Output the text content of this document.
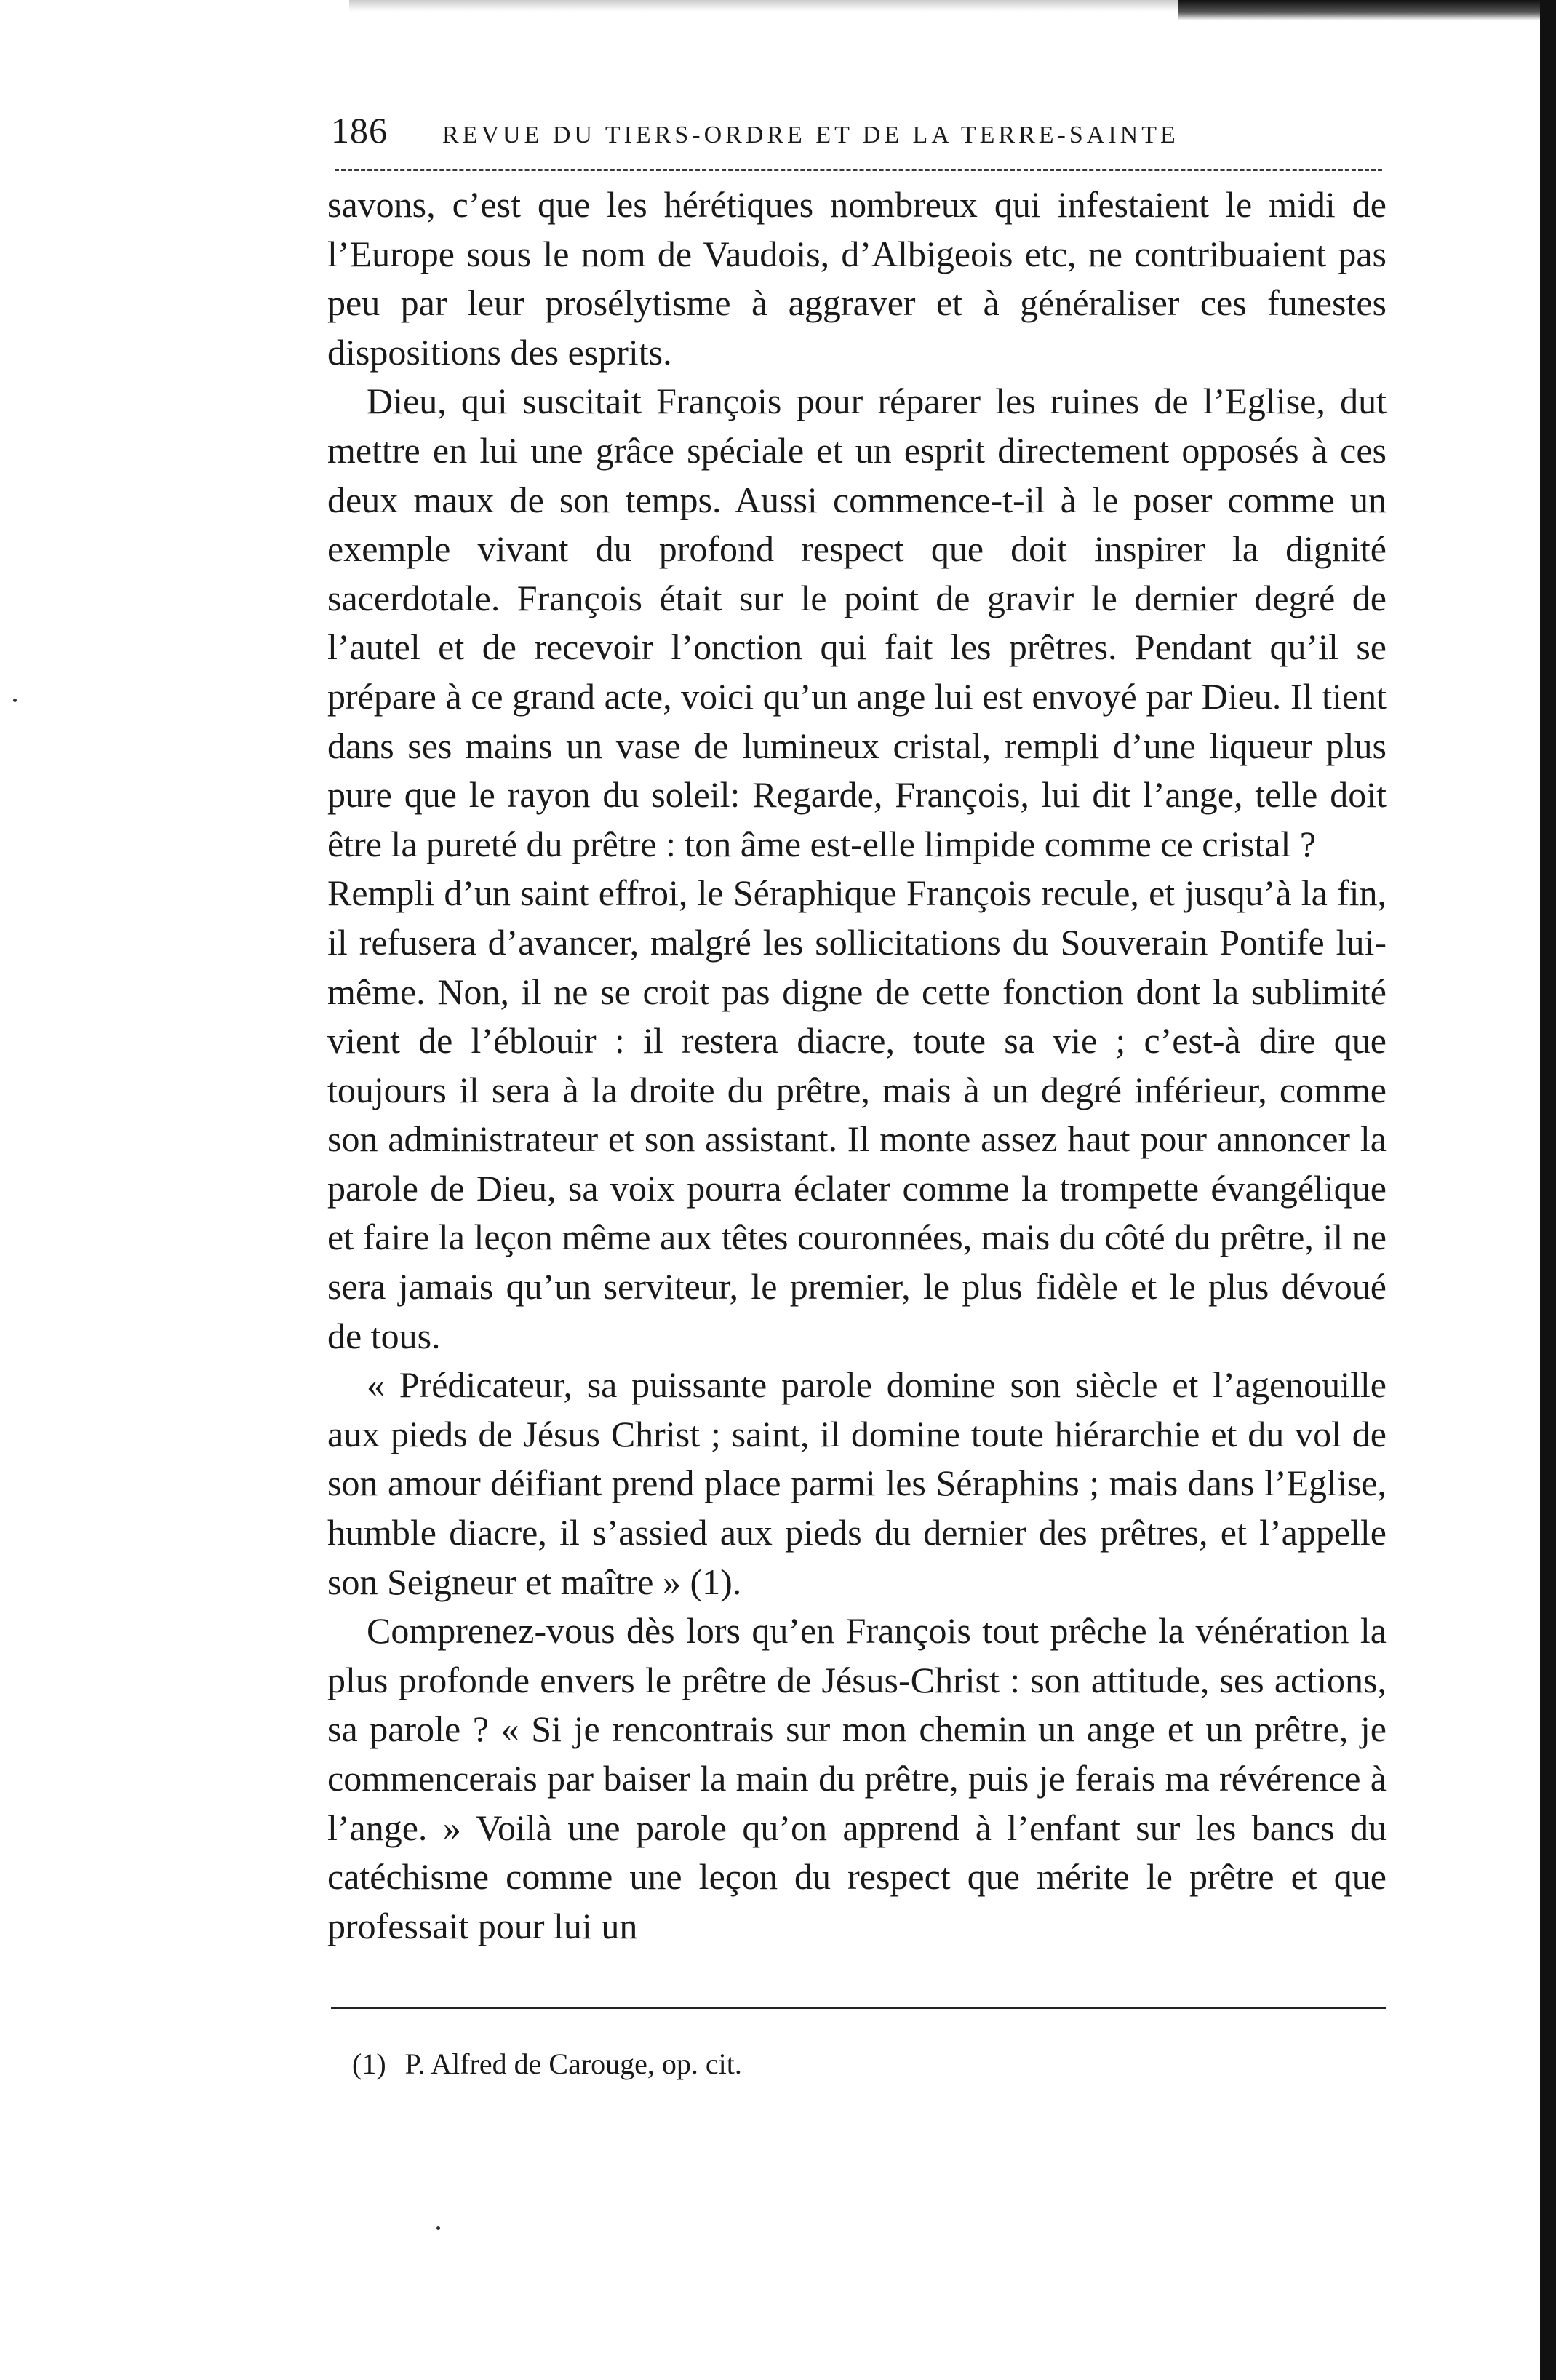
186 REVUE DU TIERS-ORDRE ET DE LA TERRE-SAINTE

savons, c’est que les hérétiques nombreux qui infestaient le midi de l’Europe sous le nom de Vaudois, d’Albigeois etc, ne contribuaient pas peu par leur prosélytisme à aggraver et à généraliser ces funestes dispositions des esprits.

Dieu, qui suscitait François pour réparer les ruines de l’Eglise, dut mettre en lui une grâce spéciale et un esprit directement opposés à ces deux maux de son temps. Aussi commence-t-il à le poser comme un exemple vivant du profond respect que doit inspirer la dignité sacerdotale. François était sur le point de gravir le dernier degré de l’autel et de recevoir l’onction qui fait les prêtres. Pendant qu’il se prépare à ce grand acte, voici qu’un ange lui est envoyé par Dieu. Il tient dans ses mains un vase de lumineux cristal, rempli d’une liqueur plus pure que le rayon du soleil: Regarde, François, lui dit l’ange, telle doit être la pureté du prêtre : ton âme est-elle limpide comme ce cristal ?

Rempli d’un saint effroi, le Séraphique François recule, et jusqu’à la fin, il refusera d’avancer, malgré les sollicitations du Souverain Pontife lui-même. Non, il ne se croit pas digne de cette fonction dont la sublimité vient de l’éblouir : il restera diacre, toute sa vie ; c’est-à dire que toujours il sera à la droite du prêtre, mais à un degré inférieur, comme son administrateur et son assistant. Il monte assez haut pour annoncer la parole de Dieu, sa voix pourra éclater comme la trompette évangélique et faire la leçon même aux têtes couronnées, mais du côté du prêtre, il ne sera jamais qu’un serviteur, le premier, le plus fidèle et le plus dévoué de tous.

« Prédicateur, sa puissante parole domine son siècle et l’agenouille aux pieds de Jésus Christ ; saint, il domine toute hiérarchie et du vol de son amour déifiant prend place parmi les Séraphins ; mais dans l’Eglise, humble diacre, il s’assied aux pieds du dernier des prêtres, et l’appelle son Seigneur et maître » (1).

Comprenez-vous dès lors qu’en François tout prêche la vénération la plus profonde envers le prêtre de Jésus-Christ : son attitude, ses actions, sa parole ? « Si je rencontrais sur mon chemin un ange et un prêtre, je commencerais par baiser la main du prêtre, puis je ferais ma révérence à l’ange. » Voilà une parole qu’on apprend à l’enfant sur les bancs du catéchisme comme une leçon du respect que mérite le prêtre et que professait pour lui un

(1) P. Alfred de Carouge, op. cit.
